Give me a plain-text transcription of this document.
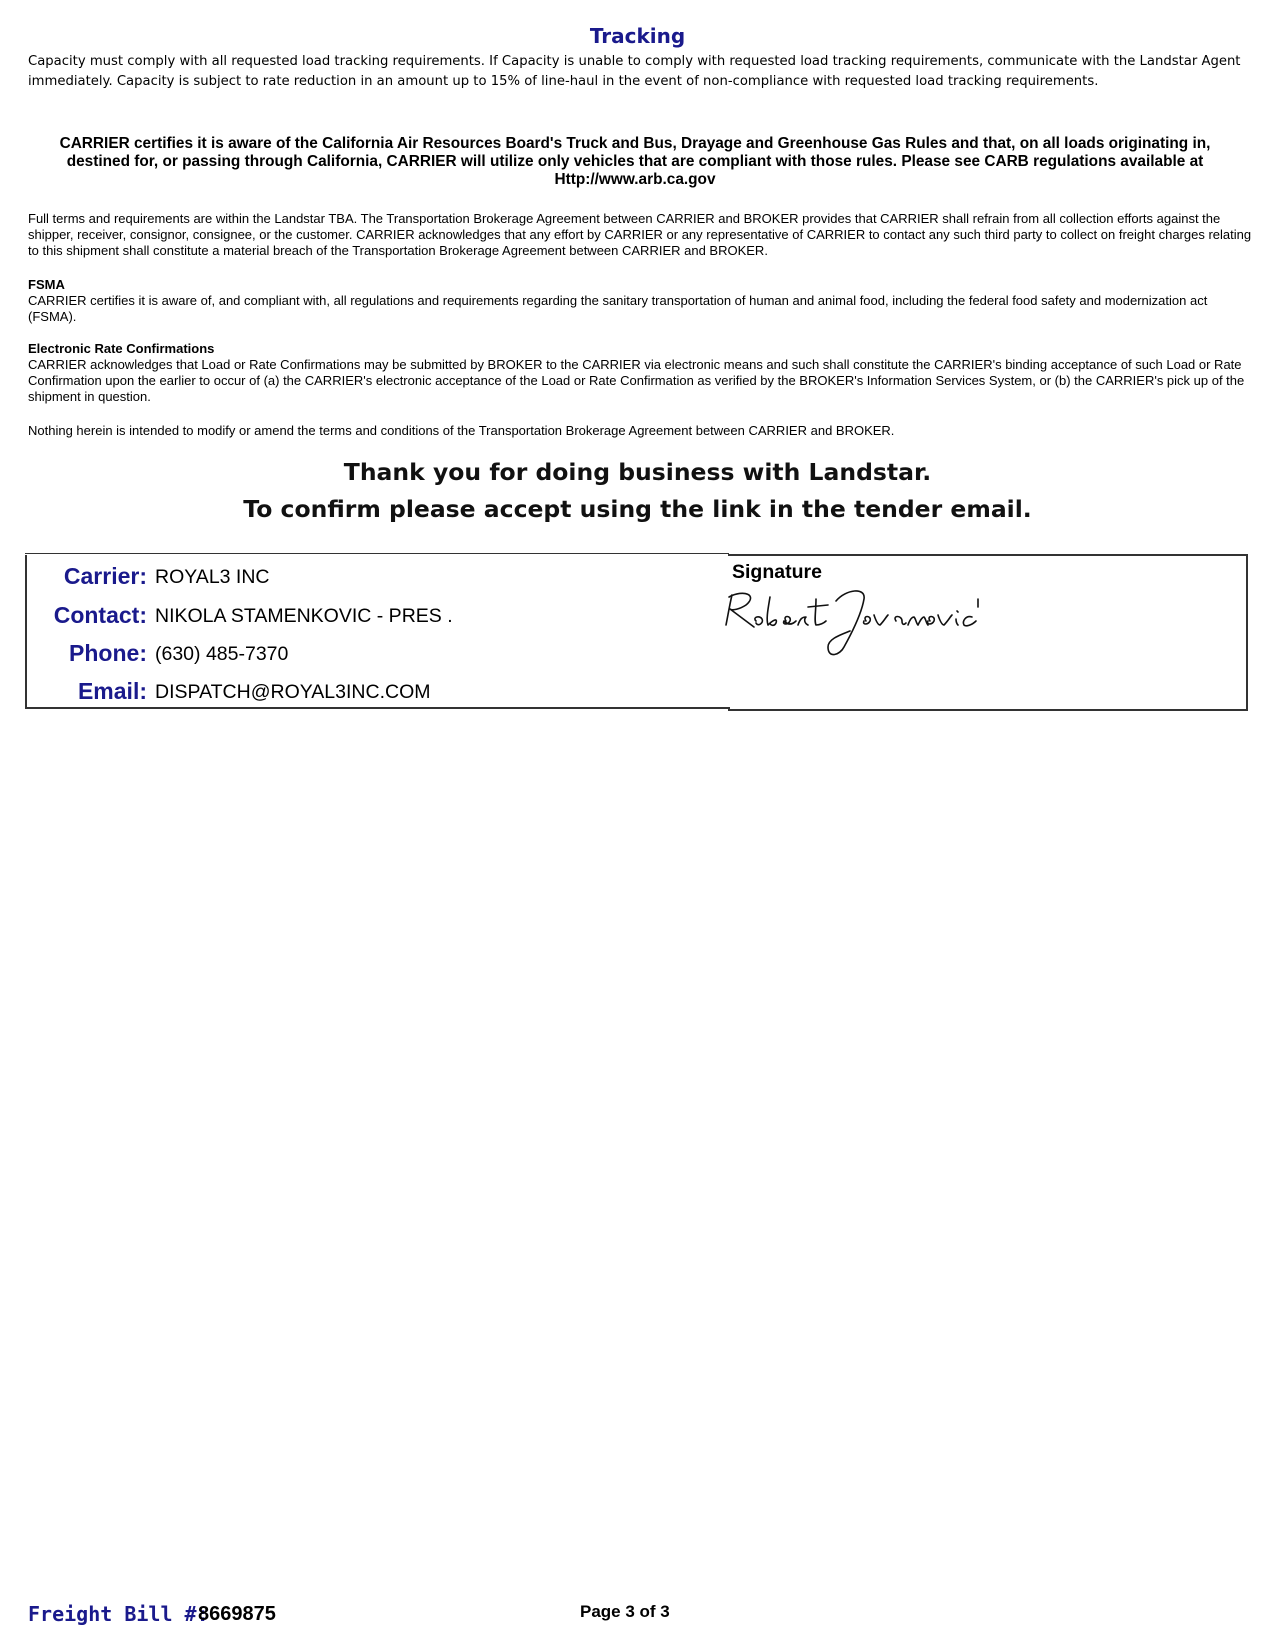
Tracking
Capacity must comply with all requested load tracking requirements. If Capacity is unable to comply with requested load tracking requirements, communicate with the Landstar Agent immediately. Capacity is subject to rate reduction in an amount up to 15% of line-haul in the event of non-compliance with requested load tracking requirements.
CARRIER certifies it is aware of the California Air Resources Board's Truck and Bus, Drayage and Greenhouse Gas Rules and that, on all loads originating in, destined for, or passing through California, CARRIER will utilize only vehicles that are compliant with those rules. Please see CARB regulations available at Http://www.arb.ca.gov
Full terms and requirements are within the Landstar TBA. The Transportation Brokerage Agreement between CARRIER and BROKER provides that CARRIER shall refrain from all collection efforts against the shipper, receiver, consignor, consignee, or the customer. CARRIER acknowledges that any effort by CARRIER or any representative of CARRIER to contact any such third party to collect on freight charges relating to this shipment shall constitute a material breach of the Transportation Brokerage Agreement between CARRIER and BROKER.
FSMA
CARRIER certifies it is aware of, and compliant with, all regulations and requirements regarding the sanitary transportation of human and animal food, including the federal food safety and modernization act (FSMA).
Electronic Rate Confirmations
CARRIER acknowledges that Load or Rate Confirmations may be submitted by BROKER to the CARRIER via electronic means and such shall constitute the CARRIER's binding acceptance of such Load or Rate Confirmation upon the earlier to occur of (a) the CARRIER's electronic acceptance of the Load or Rate Confirmation as verified by the BROKER's Information Services System, or (b) the CARRIER's pick up of the shipment in question.
Nothing herein is intended to modify or amend the terms and conditions of the Transportation Brokerage Agreement between CARRIER and BROKER.
Thank you for doing business with Landstar.
To confirm please accept using the link in the tender email.
Carrier: ROYAL3 INC
Contact: NIKOLA STAMENKOVIC - PRES .
Phone: (630) 485-7370
Email: DISPATCH@ROYAL3INC.COM
Signature
Freight Bill #:
8669875	Page 3 of 3
